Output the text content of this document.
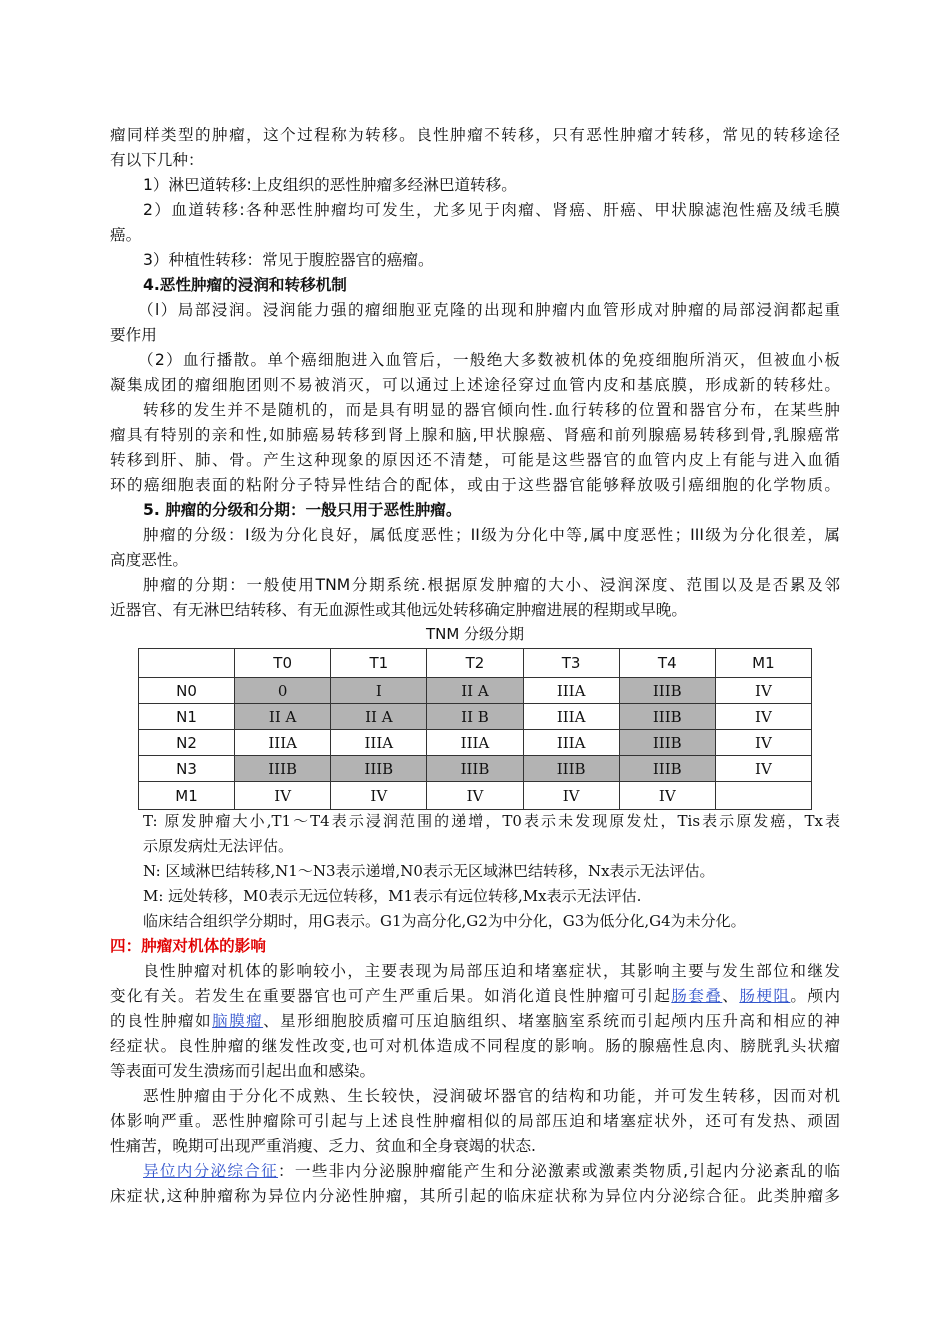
瘤同样类型的肿瘤，这个过程称为转移。良性肿瘤不转移，只有恶性肿瘤才转移，常见的转移途径
有以下几种：
1）淋巴道转移:上皮组织的恶性肿瘤多经淋巴道转移。
2）血道转移:各种恶性肿瘤均可发生，尤多见于肉瘤、肾癌、肝癌、甲状腺滤泡性癌及绒毛膜
癌。
3）种植性转移：常见于腹腔器官的癌瘤。
4.恶性肿瘤的浸润和转移机制
（l）局部浸润。浸润能力强的瘤细胞亚克隆的出现和肿瘤内血管形成对肿瘤的局部浸润都起重
要作用
（2）血行播散。单个癌细胞进入血管后，一般绝大多数被机体的免疫细胞所消灭，但被血小板
凝集成团的瘤细胞团则不易被消灭，可以通过上述途径穿过血管内皮和基底膜，形成新的转移灶。
转移的发生并不是随机的，而是具有明显的器官倾向性.血行转移的位置和器官分布，在某些肿
瘤具有特别的亲和性,如肺癌易转移到肾上腺和脑,甲状腺癌、肾癌和前列腺癌易转移到骨,乳腺癌常
转移到肝、肺、骨。产生这种现象的原因还不清楚，可能是这些器官的血管内皮上有能与进入血循
环的癌细胞表面的粘附分子特异性结合的配体，或由于这些器官能够释放吸引癌细胞的化学物质。
5. 肿瘤的分级和分期：一般只用于恶性肿瘤。
肿瘤的分级：I级为分化良好，属低度恶性；II级为分化中等,属中度恶性；III级为分化很差，属
高度恶性。
肿瘤的分期：一般使用TNM分期系统.根据原发肿瘤的大小、浸润深度、范围以及是否累及邻
近器官、有无淋巴结转移、有无血源性或其他远处转移确定肿瘤进展的程期或早晚。
TNM 分级分期
	T0	T1	T2	T3	T4	M1
N0	0	I	II A	IIIA	IIIB	IV
N1	II A	II A	II B	IIIA	IIIB	IV
N2	IIIA	IIIA	IIIA	IIIA	IIIB	IV
N3	IIIB	IIIB	IIIB	IIIB	IIIB	IV
M1	IV	IV	IV	IV	IV	
T: 原发肿瘤大小,T1～T4表示浸润范围的递增，T0表示未发现原发灶，Tis表示原发癌，Tx表
示原发病灶无法评估。
N: 区域淋巴结转移,N1～N3表示递增,N0表示无区域淋巴结转移，Nx表示无法评估。
M: 远处转移，M0表示无远位转移，M1表示有远位转移,Mx表示无法评估.
临床结合组织学分期时，用G表示。G1为高分化,G2为中分化，G3为低分化,G4为未分化。
四：肿瘤对机体的影响
良性肿瘤对机体的影响较小，主要表现为局部压迫和堵塞症状，其影响主要与发生部位和继发
变化有关。若发生在重要器官也可产生严重后果。如消化道良性肿瘤可引起肠套叠、肠梗阻。颅内
的良性肿瘤如脑膜瘤、星形细胞胶质瘤可压迫脑组织、堵塞脑室系统而引起颅内压升高和相应的神
经症状。良性肿瘤的继发性改变,也可对机体造成不同程度的影响。肠的腺癌性息肉、膀胱乳头状瘤
等表面可发生溃疡而引起出血和感染。
恶性肿瘤由于分化不成熟、生长较快，浸润破坏器官的结构和功能，并可发生转移，因而对机
体影响严重。恶性肿瘤除可引起与上述良性肿瘤相似的局部压迫和堵塞症状外，还可有发热、顽固
性痛苦，晚期可出现严重消瘦、乏力、贫血和全身衰竭的状态.
异位内分泌综合征：一些非内分泌腺肿瘤能产生和分泌激素或激素类物质,引起内分泌紊乱的临
床症状,这种肿瘤称为异位内分泌性肿瘤，其所引起的临床症状称为异位内分泌综合征。此类肿瘤多
